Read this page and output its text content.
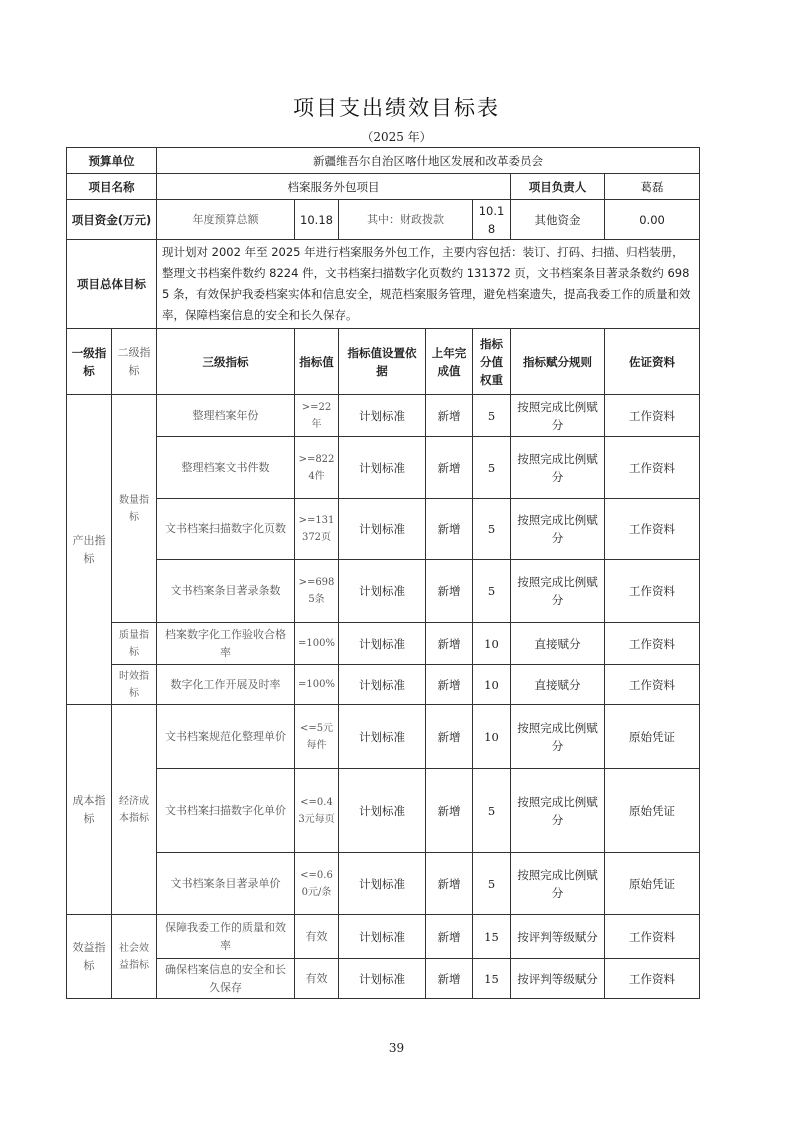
项目支出绩效目标表
（2025 年）
预算单位		新疆维吾尔自治区喀什地区发展和改革委员会						
项目名称		档案服务外包项目					项目负责人	葛磊
项目资金(万元)		年度预算总额	10.18	其中：财政拨款		10.18	其他资金	0.00
项目总体目标		现计划对 2002 年至 2025 年进行档案服务外包工作，主要内容包括：装订、打码、扫描、归档装册，整理文书档案件数约 8224 件，文书档案扫描数字化页数约 131372 页，文书档案条目著录条数约 6985 条，有效保护我委档案实体和信息安全，规范档案服务管理，避免档案遗失，提高我委工作的质量和效率，保障档案信息的安全和长久保存。						
一级指标	二级指标	三级指标	指标值	指标值设置依据	上年完成值	指标分值权重	指标赋分规则	佐证资料
产出指标	数量指标	整理档案年份	>=22年	计划标准	新增	5	按照完成比例赋分	工作资料
		整理档案文书件数	>=8224件	计划标准	新增	5	按照完成比例赋分	工作资料
		文书档案扫描数字化页数	>=131372页	计划标准	新增	5	按照完成比例赋分	工作资料
		文书档案条目著录条数	>=6985条	计划标准	新增	5	按照完成比例赋分	工作资料
	质量指标	档案数字化工作验收合格率	=100%	计划标准	新增	10	直接赋分	工作资料
	时效指标	数字化工作开展及时率	=100%	计划标准	新增	10	直接赋分	工作资料
成本指标	经济成本指标	文书档案规范化整理单价	<=5元每件	计划标准	新增	10	按照完成比例赋分	原始凭证
		文书档案扫描数字化单价	<=0.43元每页	计划标准	新增	5	按照完成比例赋分	原始凭证
		文书档案条目著录单价	<=0.60元/条	计划标准	新增	5	按照完成比例赋分	原始凭证
效益指标	社会效益指标	保障我委工作的质量和效率	有效	计划标准	新增	15	按评判等级赋分	工作资料
		确保档案信息的安全和长久保存	有效	计划标准	新增	15	按评判等级赋分	工作资料
39
